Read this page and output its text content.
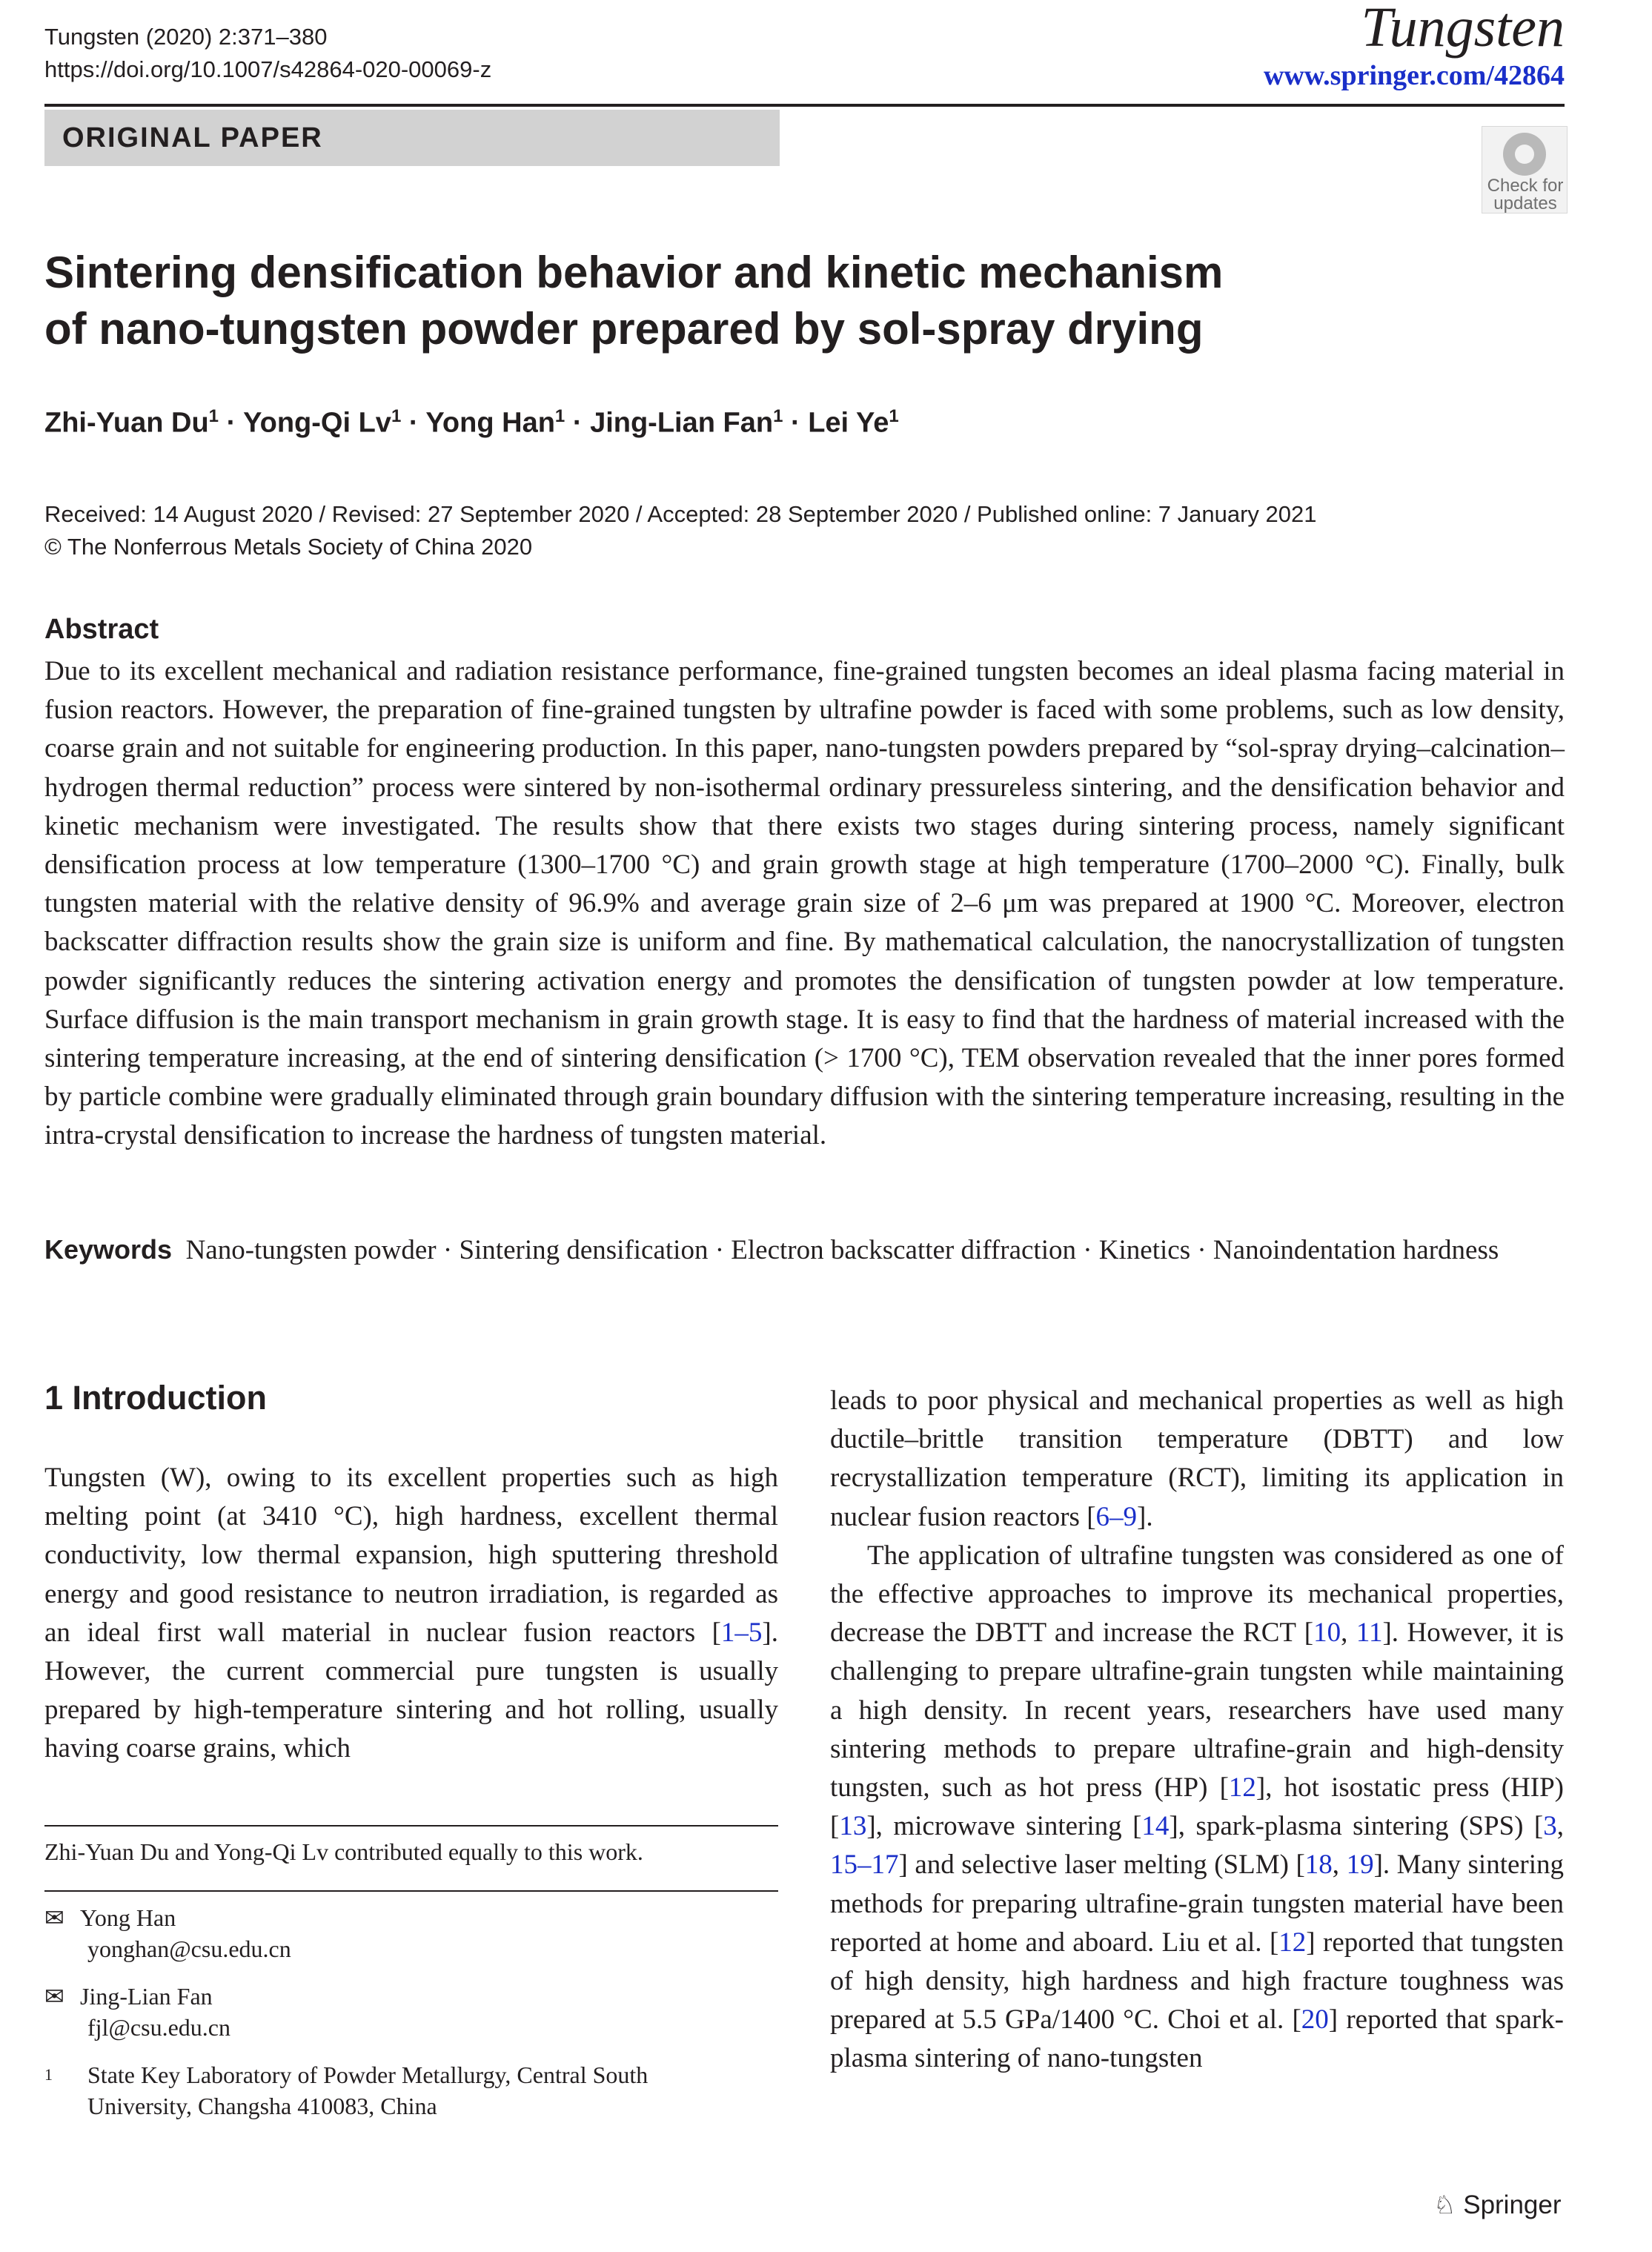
Tungsten (2020) 2:371–380
https://doi.org/10.1007/s42864-020-00069-z
Tungsten
www.springer.com/42864
ORIGINAL PAPER
Check for updates
Sintering densification behavior and kinetic mechanism
of nano-tungsten powder prepared by sol-spray drying
Zhi-Yuan $Du^1$ · Yong-Qi $Lv^1$ · Yong Han$^1$ · Jing-Lian Fan$^1$ · Lei Ye$^1$
Received: 14 August 2020 / Revised: 27 September 2020 / Accepted: 28 September 2020 / Published online: 7 January 2021
© The Nonferrous Metals Society of China 2020
Abstract
Due to its excellent mechanical and radiation resistance performance, fine-grained tungsten becomes an ideal plasma facing material in fusion reactors. However, the preparation of fine-grained tungsten by ultrafine powder is faced with some problems, such as low density, coarse grain and not suitable for engineering production. In this paper, nano-tungsten powders prepared by “sol-spray drying–calcination–hydrogen thermal reduction” process were sintered by non-isothermal ordinary pressureless sintering, and the densification behavior and kinetic mechanism were investigated. The results show that there exists two stages during sintering process, namely significant densification process at low temperature (1300–1700 °C) and grain growth stage at high temperature (1700–2000 °C). Finally, bulk tungsten material with the relative density of 96.9% and average grain size of 2–6 μm was prepared at 1900 °C. Moreover, electron backscatter diffraction results show the grain size is uniform and fine. By mathematical calculation, the nanocrystallization of tungsten powder significantly reduces the sintering activation energy and promotes the densification of tungsten powder at low temperature. Surface diffusion is the main transport mechanism in grain growth stage. It is easy to find that the hardness of material increased with the sintering temperature increasing, at the end of sintering densification (> 1700 °C), TEM observation revealed that the inner pores formed by particle combine were gradually eliminated through grain boundary diffusion with the sintering temperature increasing, resulting in the intra-crystal densification to increase the hardness of tungsten material.
Keywords Nano-tungsten powder · Sintering densification · Electron backscatter diffraction · Kinetics · Nanoindentation hardness
1 Introduction

Tungsten (W), owing to its excellent properties such as high melting point (at 3410 °C), high hardness, excellent thermal conductivity, low thermal expansion, high sputtering threshold energy and good resistance to neutron irradiation, is regarded as an ideal first wall material in nuclear fusion reactors [1–5]. However, the current commercial pure tungsten is usually prepared by high-temperature sintering and hot rolling, usually having coarse grains, which

leads to poor physical and mechanical properties as well as high ductile–brittle transition temperature (DBTT) and low recrystallization temperature (RCT), limiting its application in nuclear fusion reactors [6–9].

The application of ultrafine tungsten was considered as one of the effective approaches to improve its mechanical properties, decrease the DBTT and increase the RCT [10, 11]. However, it is challenging to prepare ultrafine-grain tungsten while maintaining a high density. In recent years, researchers have used many sintering methods to prepare ultrafine-grain and high-density tungsten, such as hot press (HP) [12], hot isostatic press (HIP) [13], microwave sintering [14], spark-plasma sintering (SPS) [3, 15–17] and selective laser melting (SLM) [18, 19]. Many sintering methods for preparing ultrafine-grain tungsten material have been reported at home and aboard. Liu et al. [12] reported that tungsten of high density, high hardness and high fracture toughness was prepared at 5.5 GPa/1400 °C. Choi et al. [20] reported that spark-plasma sintering of nano-tungsten

Zhi-Yuan Du and Yong-Qi Lv contributed equally to this work.
✉ Yong Han
yonghan@csu.edu.cn
✉ Jing-Lian Fan
fjl@csu.edu.cn
1 State Key Laboratory of Powder Metallurgy, Central South
University, Changsha 410083, China
♘ Springer
